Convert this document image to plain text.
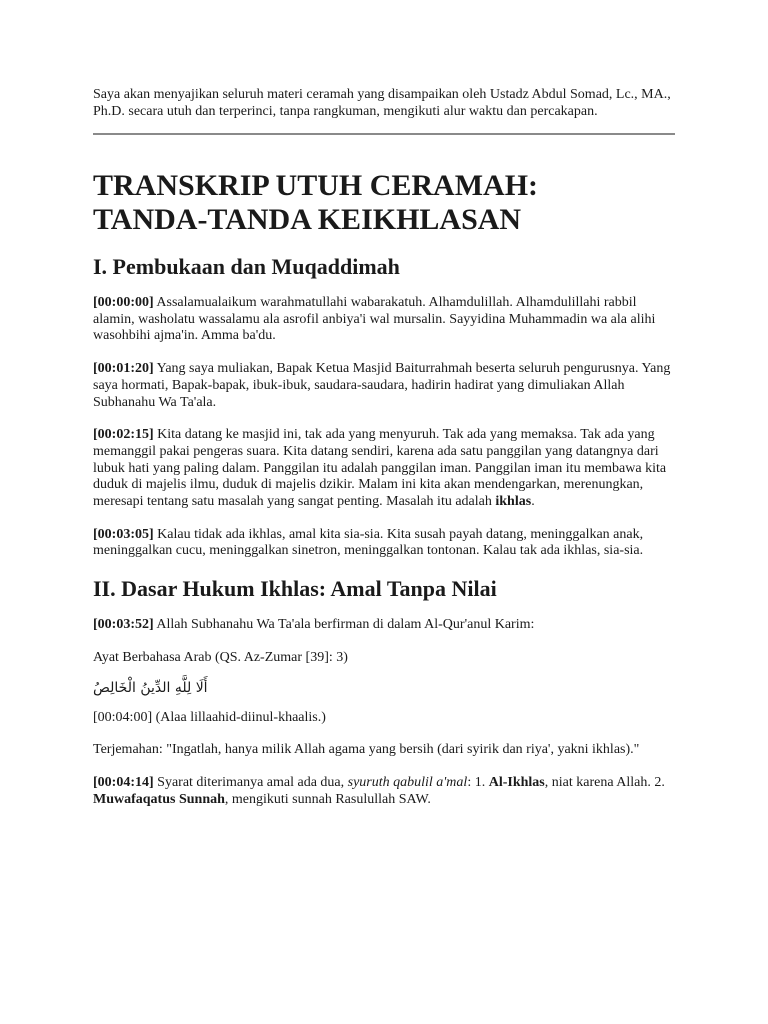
Saya akan menyajikan seluruh materi ceramah yang disampaikan oleh Ustadz Abdul Somad, Lc., MA., Ph.D. secara utuh dan terperinci, tanpa rangkuman, mengikuti alur waktu dan percakapan.

TRANSKRIP UTUH CERAMAH:
TANDA-TANDA KEIKHLASAN
I. Pembukaan dan Muqaddimah

[00:00:00] Assalamualaikum warahmatullahi wabarakatuh. Alhamdulillah. Alhamdulillahi rabbil alamin, washolatu wassalamu ala asrofil anbiya'i wal mursalin. Sayyidina Muhammadin wa ala alihi wasohbihi ajma'in. Amma ba'du.

[00:01:20] Yang saya muliakan, Bapak Ketua Masjid Baiturrahmah beserta seluruh pengurusnya. Yang saya hormati, Bapak-bapak, ibuk-ibuk, saudara-saudara, hadirin hadirat yang dimuliakan Allah Subhanahu Wa Ta'ala.

[00:02:15] Kita datang ke masjid ini, tak ada yang menyuruh. Tak ada yang memaksa. Tak ada yang memanggil pakai pengeras suara. Kita datang sendiri, karena ada satu panggilan yang datangnya dari lubuk hati yang paling dalam. Panggilan itu adalah panggilan iman. Panggilan iman itu membawa kita duduk di majelis ilmu, duduk di majelis dzikir. Malam ini kita akan mendengarkan, merenungkan, meresapi tentang satu masalah yang sangat penting. Masalah itu adalah ikhlas.

[00:03:05] Kalau tidak ada ikhlas, amal kita sia-sia. Kita susah payah datang, meninggalkan anak, meninggalkan cucu, meninggalkan sinetron, meninggalkan tontonan. Kalau tak ada ikhlas, sia-sia.

II. Dasar Hukum Ikhlas: Amal Tanpa Nilai

[00:03:52] Allah Subhanahu Wa Ta'ala berfirman di dalam Al-Qur'anul Karim:

Ayat Berbahasa Arab (QS. Az-Zumar [39]: 3)

أَلَا لِلَّهِ الدِّينُ الْخَالِصُ

[00:04:00] (Alaa lillaahid-diinul-khaalis.)

Terjemahan: "Ingatlah, hanya milik Allah agama yang bersih (dari syirik dan riya', yakni ikhlas)."

[00:04:14] Syarat diterimanya amal ada dua, syuruth qabulil a'mal: 1. Al-Ikhlas, niat karena Allah. 2. Muwafaqatus Sunnah, mengikuti sunnah Rasulullah SAW.
